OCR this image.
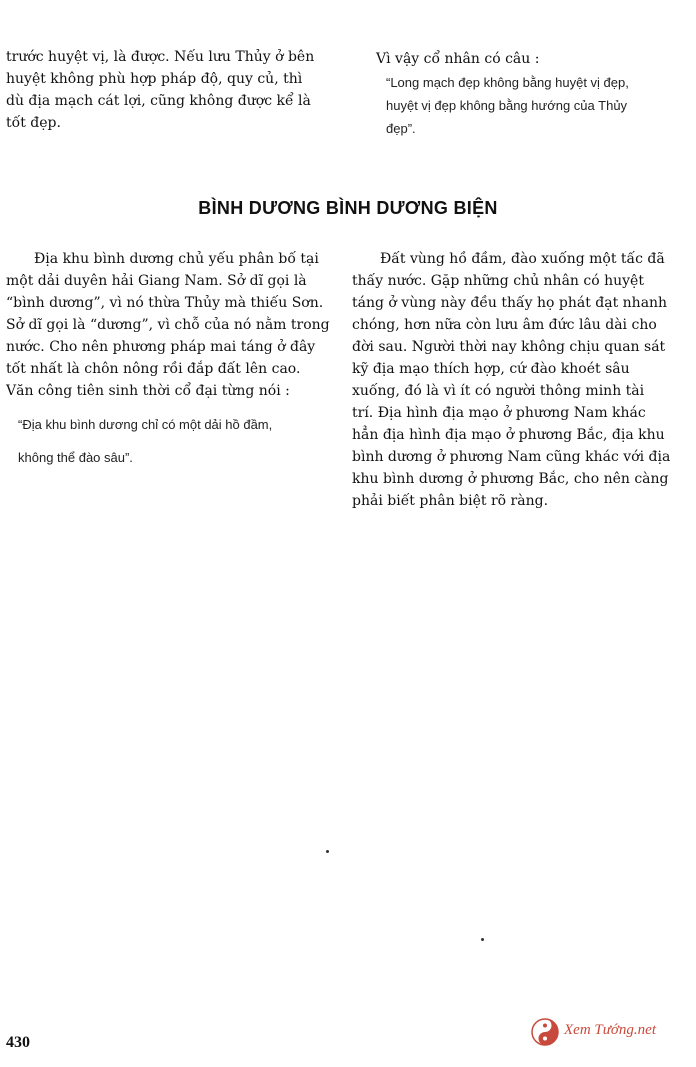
trước huyệt vị, là được. Nếu lưu Thủy ở bên

huyệt không phù hợp pháp độ, quy củ, thì

dù địa mạch cát lợi, cũng không được kể là

tốt đẹp.

Vì vậy cổ nhân có câu :

“Long mạch đẹp không bằng huyệt vị đẹp,

huyệt vị đẹp không bằng hướng của Thủy

đẹp”.

BÌNH DƯƠNG BÌNH DƯƠNG BIỆN

Địa khu bình dương chủ yếu phân bố tại

một dải duyên hải Giang Nam. Sở dĩ gọi là

“bình dương”, vì nó thừa Thủy mà thiếu Sơn.

Sở dĩ gọi là “dương”, vì chỗ của nó nằm trong

nước. Cho nên phương pháp mai táng ở đây

tốt nhất là chôn nông rồi đắp đất lên cao.

Văn công tiên sinh thời cổ đại từng nói :

“Địa khu bình dương chỉ có một dải hồ đầm,

không thể đào sâu”.

Đất vùng hồ đầm, đào xuống một tấc đã

thấy nước. Gặp những chủ nhân có huyệt

táng ở vùng này đều thấy họ phát đạt nhanh

chóng, hơn nữa còn lưu âm đức lâu dài cho

đời sau. Người thời nay không chịu quan sát

kỹ địa mạo thích hợp, cứ đào khoét sâu

xuống, đó là vì ít có người thông minh tài

trí. Địa hình địa mạo ở phương Nam khác

hẳn địa hình địa mạo ở phương Bắc, địa khu

bình dương ở phương Nam cũng khác với địa

khu bình dương ở phương Bắc, cho nên càng

phải biết phân biệt rõ ràng.

430
Xem Tướng.net
